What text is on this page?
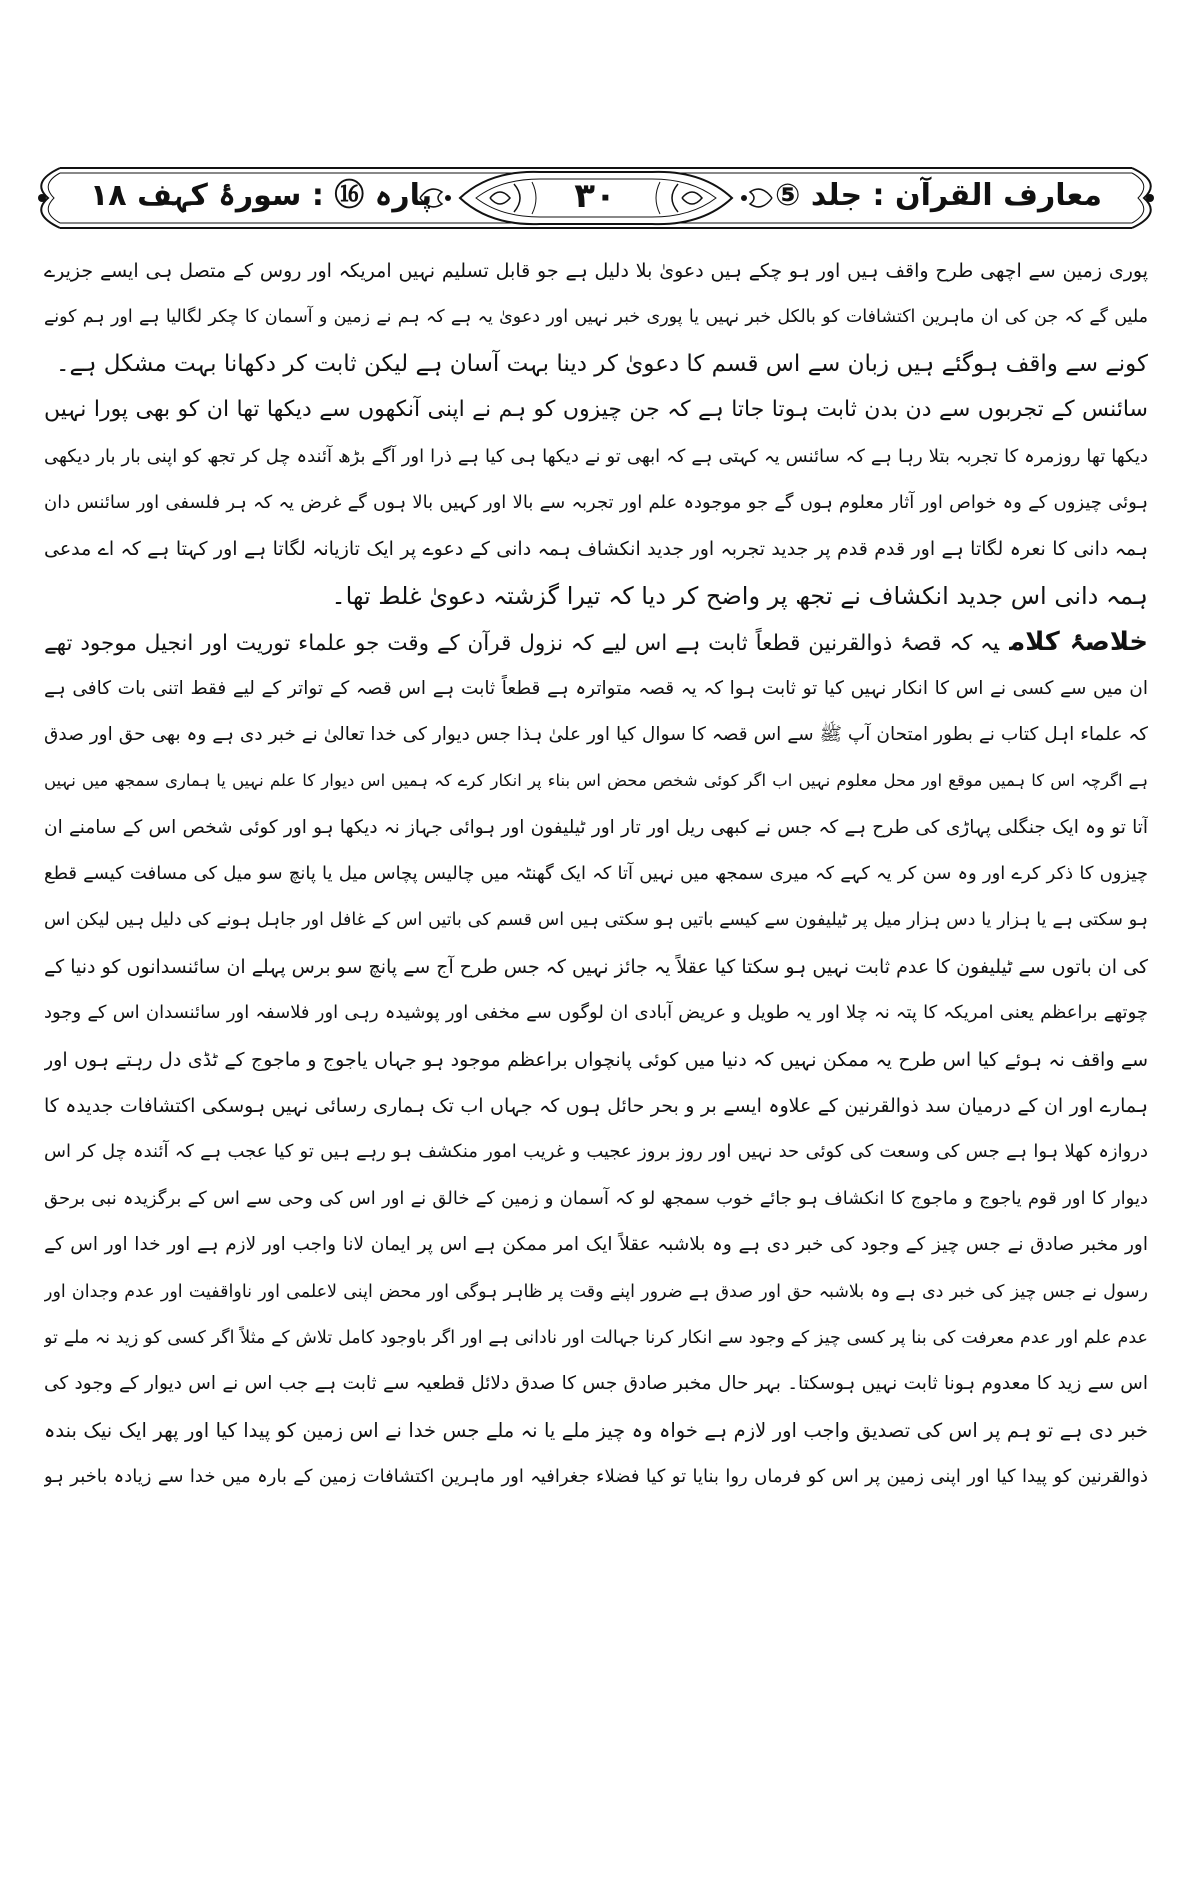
معارف القرآن : جلد ⑤
۳۰
پارہ ⑯ : سورۂ کہف ۱۸
پوری زمین سے اچھی طرح واقف ہیں اور ہو چکے ہیں دعویٰ بلا دلیل ہے جو قابل تسلیم نہیں امریکہ اور روس کے متصل ہی ایسے جزیرے
ملیں گے کہ جن کی ان ماہرین اکتشافات کو بالکل خبر نہیں یا پوری خبر نہیں اور دعویٰ یہ ہے کہ ہم نے زمین و آسمان کا چکر لگالیا ہے اور ہم کونے
کونے سے واقف ہوگئے ہیں زبان سے اس قسم کا دعویٰ کر دینا بہت آسان ہے لیکن ثابت کر دکھانا بہت مشکل ہے۔
سائنس کے تجربوں سے دن بدن ثابت ہوتا جاتا ہے کہ جن چیزوں کو ہم نے اپنی آنکھوں سے دیکھا تھا ان کو بھی پورا نہیں
دیکھا تھا روزمرہ کا تجربہ بتلا رہا ہے کہ سائنس یہ کہتی ہے کہ ابھی تو نے دیکھا ہی کیا ہے ذرا اور آگے بڑھ آئندہ چل کر تجھ کو اپنی بار بار دیکھی
ہوئی چیزوں کے وہ خواص اور آثار معلوم ہوں گے جو موجودہ علم اور تجربہ سے بالا اور کہیں بالا ہوں گے غرض یہ کہ ہر فلسفی اور سائنس دان
ہمہ دانی کا نعرہ لگاتا ہے اور قدم قدم پر جدید تجربہ اور جدید انکشاف ہمہ دانی کے دعوے پر ایک تازیانہ لگاتا ہے اور کہتا ہے کہ اے مدعی
ہمہ دانی اس جدید انکشاف نے تجھ پر واضح کر دیا کہ تیرا گزشتہ دعویٰ غلط تھا۔
خلاصۂ کلامیہ کہ قصۂ ذوالقرنین قطعاً ثابت ہے اس لیے کہ نزول قرآن کے وقت جو علماء توریت اور انجیل موجود تھے
ان میں سے کسی نے اس کا انکار نہیں کیا تو ثابت ہوا کہ یہ قصہ متواترہ ہے قطعاً ثابت ہے اس قصہ کے تواتر کے لیے فقط اتنی بات کافی ہے
کہ علماء اہل کتاب نے بطور امتحان آپ ﷺ سے اس قصہ کا سوال کیا اور علیٰ ہذا جس دیوار کی خدا تعالیٰ نے خبر دی ہے وہ بھی حق اور صدق
ہے اگرچہ اس کا ہمیں موقع اور محل معلوم نہیں اب اگر کوئی شخص محض اس بناء پر انکار کرے کہ ہمیں اس دیوار کا علم نہیں یا ہماری سمجھ میں نہیں
آتا تو وہ ایک جنگلی پہاڑی کی طرح ہے کہ جس نے کبھی ریل اور تار اور ٹیلیفون اور ہوائی جہاز نہ دیکھا ہو اور کوئی شخص اس کے سامنے ان
چیزوں کا ذکر کرے اور وہ سن کر یہ کہے کہ میری سمجھ میں نہیں آتا کہ ایک گھنٹہ میں چالیس پچاس میل یا پانچ سو میل کی مسافت کیسے قطع
ہو سکتی ہے یا ہزار یا دس ہزار میل پر ٹیلیفون سے کیسے باتیں ہو سکتی ہیں اس قسم کی باتیں اس کے غافل اور جاہل ہونے کی دلیل ہیں لیکن اس
کی ان باتوں سے ٹیلیفون کا عدم ثابت نہیں ہو سکتا کیا عقلاً یہ جائز نہیں کہ جس طرح آج سے پانچ سو برس پہلے ان سائنسدانوں کو دنیا کے
چوتھے براعظم یعنی امریکہ کا پتہ نہ چلا اور یہ طویل و عریض آبادی ان لوگوں سے مخفی اور پوشیدہ رہی اور فلاسفہ اور سائنسدان اس کے وجود
سے واقف نہ ہوئے کیا اس طرح یہ ممکن نہیں کہ دنیا میں کوئی پانچواں براعظم موجود ہو جہاں یاجوج و ماجوج کے ٹڈی دل رہتے ہوں اور
ہمارے اور ان کے درمیان سد ذوالقرنین کے علاوہ ایسے بر و بحر حائل ہوں کہ جہاں اب تک ہماری رسائی نہیں ہوسکی اکتشافات جدیدہ کا
دروازہ کھلا ہوا ہے جس کی وسعت کی کوئی حد نہیں اور روز بروز عجیب و غریب امور منکشف ہو رہے ہیں تو کیا عجب ہے کہ آئندہ چل کر اس
دیوار کا اور قوم یاجوج و ماجوج کا انکشاف ہو جائے خوب سمجھ لو کہ آسمان و زمین کے خالق نے اور اس کی وحی سے اس کے برگزیدہ نبی برحق
اور مخبر صادق نے جس چیز کے وجود کی خبر دی ہے وہ بلاشبہ عقلاً ایک امر ممکن ہے اس پر ایمان لانا واجب اور لازم ہے اور خدا اور اس کے
رسول نے جس چیز کی خبر دی ہے وہ بلاشبہ حق اور صدق ہے ضرور اپنے وقت پر ظاہر ہوگی اور محض اپنی لاعلمی اور ناواقفیت اور عدم وجدان اور
عدم علم اور عدم معرفت کی بنا پر کسی چیز کے وجود سے انکار کرنا جہالت اور نادانی ہے اور اگر باوجود کامل تلاش کے مثلاً اگر کسی کو زید نہ ملے تو
اس سے زید کا معدوم ہونا ثابت نہیں ہوسکتا۔ بہر حال مخبر صادق جس کا صدق دلائل قطعیہ سے ثابت ہے جب اس نے اس دیوار کے وجود کی
خبر دی ہے تو ہم پر اس کی تصدیق واجب اور لازم ہے خواہ وہ چیز ملے یا نہ ملے جس خدا نے اس زمین کو پیدا کیا اور پھر ایک نیک بندہ
ذوالقرنین کو پیدا کیا اور اپنی زمین پر اس کو فرماں روا بنایا تو کیا فضلاء جغرافیہ اور ماہرین اکتشافات زمین کے بارہ میں خدا سے زیادہ باخبر ہو
